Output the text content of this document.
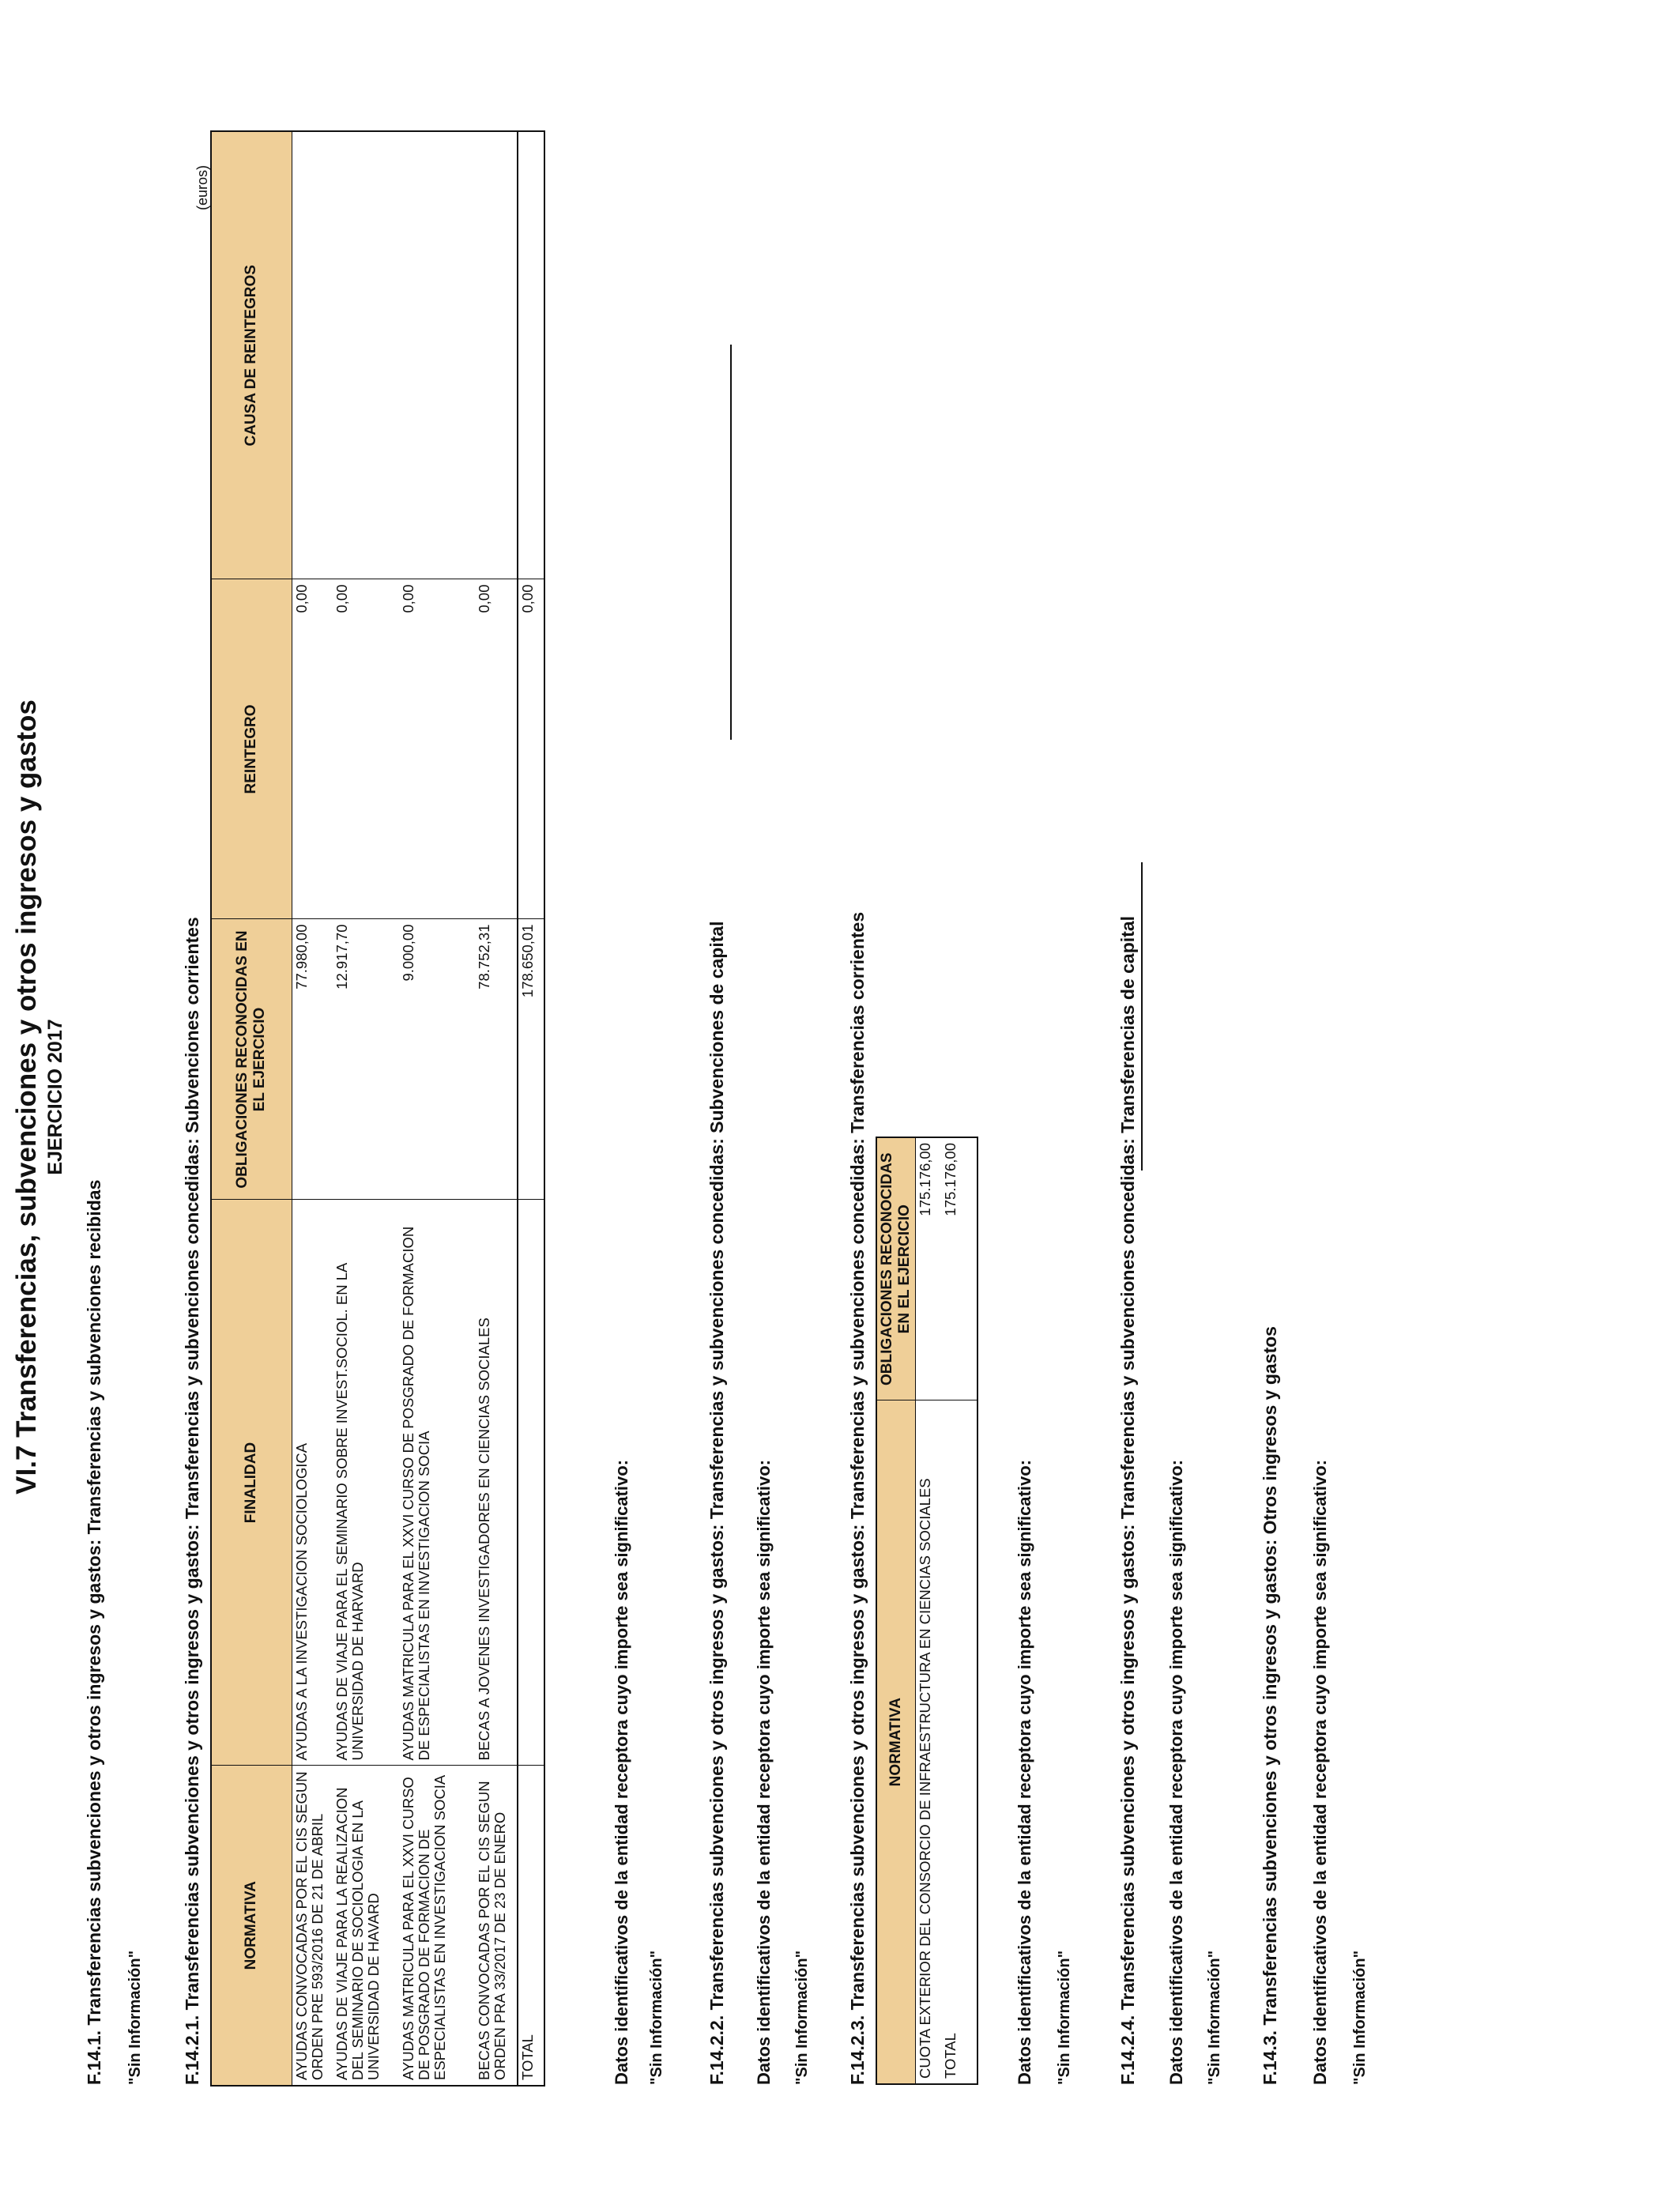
VI.7 Transferencias, subvenciones y otros ingresos y gastos EJERCICIO 2017
F.14.1. Transferencias subvenciones y otros ingresos y gastos: Transferencias y subvenciones recibidas "Sin Información" F.14.2.1. Transferencias subvenciones y otros ingresos y gastos: Transferencias y subvenciones concedidas: Subvenciones corrientes
(euros)
NORMATIVA	FINALIDAD	OBLIGACIONES RECONOCIDAS EN EL EJERCICIO	REINTEGRO	CAUSA DE REINTEGROS
AYUDAS CONVOCADAS POR EL CIS SEGUN ORDEN PRE 593/2016 DE 21 DE ABRIL	AYUDAS A LA INVESTIGACION SOCIOLOGICA	77.980,00	0,00	
AYUDAS DE VIAJE PARA LA REALIZACION DEL SEMINARIO DE SOCIOLOGIA EN LA UNIVERSIDAD DE HAVARD	AYUDAS DE VIAJE PARA EL SEMINARIO SOBRE INVEST.SOCIOL. EN LA UNIVERSIDAD DE HARVARD	12.917,70	0,00	
AYUDAS MATRICULA PARA EL XXVI CURSO DE POSGRADO DE FORMACION DE ESPECIALISTAS EN INVESTIGACION SOCIA	AYUDAS MATRICULA PARA EL XXVI CURSO DE POSGRADO DE FORMACION DE ESPECIALISTAS EN INVESTIGACION SOCIA	9.000,00	0,00	
BECAS CONVOCADAS POR EL CIS SEGUN ORDEN PRA 33/2017 DE 23 DE ENERO	BECAS A JOVENES INVESTIGADORES EN CIENCIAS SOCIALES	78.752,31	0,00	
TOTAL		178.650,01	0,00	
Datos identificativos de la entidad receptora cuyo importe sea significativo: "Sin Información" F.14.2.2. Transferencias subvenciones y otros ingresos y gastos: Transferencias y subvenciones concedidas: Subvenciones de capital Datos identificativos de la entidad receptora cuyo importe sea significativo: "Sin Información" F.14.2.3. Transferencias subvenciones y otros ingresos y gastos: Transferencias y subvenciones concedidas: Transferencias corrientes NORMATIVA	OBLIGACIONES RECONOCIDAS EN EL EJERCICIO
CUOTA EXTERIOR DEL CONSORCIO DE INFRAESTRUCTURA EN CIENCIAS SOCIALES	175.176,00
TOTAL	175.176,00
Datos identificativos de la entidad receptora cuyo importe sea significativo: "Sin Información" F.14.2.4. Transferencias subvenciones y otros ingresos y gastos: Transferencias y subvenciones concedidas: Transferencias de capital Datos identificativos de la entidad receptora cuyo importe sea significativo: "Sin Información" F.14.3. Transferencias subvenciones y otros ingresos y gastos: Otros ingresos y gastos Datos identificativos de la entidad receptora cuyo importe sea significativo: "Sin Información"
